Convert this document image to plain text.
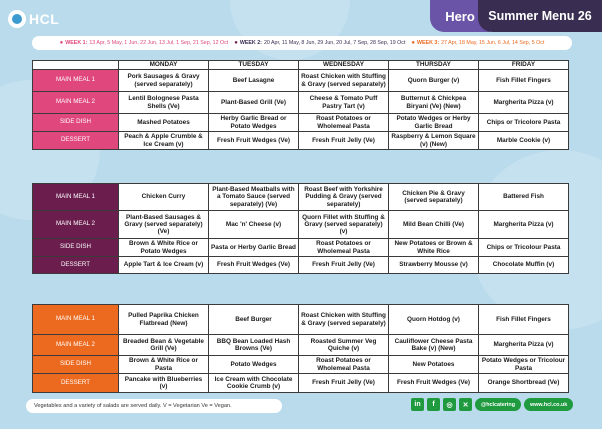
HCL	Hero	Summer Menu 26
● WEEK 1: 13 Apr, 5 May, 1 Jun, 22 Jun, 13 Jul, 1 Sep, 21 Sep, 12 Oct ● WEEK 2: 20 Apr, 11 May, 8 Jun, 29 Jun, 20 Jul, 7 Sep, 28 Sep, 19 Oct ● WEEK 3: 27 Apr, 18 May, 15 Jun, 6 Jul, 14 Sep, 5 Oct
	MONDAY	TUESDAY	WEDNESDAY	THURSDAY	FRIDAY
MAIN MEAL 1	Pork Sausages & Gravy (served separately)	Beef Lasagne	Roast Chicken with Stuffing & Gravy (served separately)	Quorn Burger (v)	Fish Fillet Fingers
MAIN MEAL 2	Lentil Bolognese Pasta Shells (Ve)	Plant-Based Grill (Ve)	Cheese & Tomato Puff Pastry Tart (v)	Butternut & Chickpea Biryani (Ve) (New)	Margherita Pizza (v)
SIDE DISH	Mashed Potatoes	Herby Garlic Bread or Potato Wedges	Roast Potatoes or Wholemeal Pasta	Potato Wedges or Herby Garlic Bread	Chips or Tricolore Pasta
DESSERT	Peach & Apple Crumble & Ice Cream (v)	Fresh Fruit Wedges (Ve)	Fresh Fruit Jelly (Ve)	Raspberry & Lemon Square (v) (New)	Marble Cookie (v)
MAIN MEAL 1	Chicken Curry	Plant-Based Meatballs with a Tomato Sauce (served separately) (Ve)	Roast Beef with Yorkshire Pudding & Gravy (served separately)	Chicken Pie & Gravy (served separately)	Battered Fish
MAIN MEAL 2	Plant-Based Sausages & Gravy (served separately) (Ve)	Mac 'n' Cheese (v)	Quorn Fillet with Stuffing & Gravy (served separately) (v)	Mild Bean Chilli (Ve)	Margherita Pizza (v)
SIDE DISH	Brown & White Rice or Potato Wedges	Pasta or Herby Garlic Bread	Roast Potatoes or Wholemeal Pasta	New Potatoes or Brown & White Rice	Chips or Tricolour Pasta
DESSERT	Apple Tart & Ice Cream (v)	Fresh Fruit Wedges (Ve)	Fresh Fruit Jelly (Ve)	Strawberry Mousse (v)	Chocolate Muffin (v)
MAIN MEAL 1	Pulled Paprika Chicken Flatbread (New)	Beef Burger	Roast Chicken with Stuffing & Gravy (served separately)	Quorn Hotdog (v)	Fish Fillet Fingers
MAIN MEAL 2	Breaded Bean & Vegetable Grill (Ve)	BBQ Bean Loaded Hash Browns (Ve)	Roasted Summer Veg Quiche (v)	Cauliflower Cheese Pasta Bake (v) (New)	Margherita Pizza (v)
SIDE DISH	Brown & White Rice or Pasta	Potato Wedges	Roast Potatoes or Wholemeal Pasta	New Potatoes	Potato Wedges or Tricolour Pasta
DESSERT	Pancake with Blueberries (v)	Ice Cream with Chocolate Cookie Crumb (v)	Fresh Fruit Jelly (Ve)	Fresh Fruit Wedges (Ve)	Orange Shortbread (Ve)
Vegetables and a variety of salads are served daily. V = Vegetarian Ve = Vegan.	in	f	◎	✕	@hclcatering	www.hcl.co.uk
